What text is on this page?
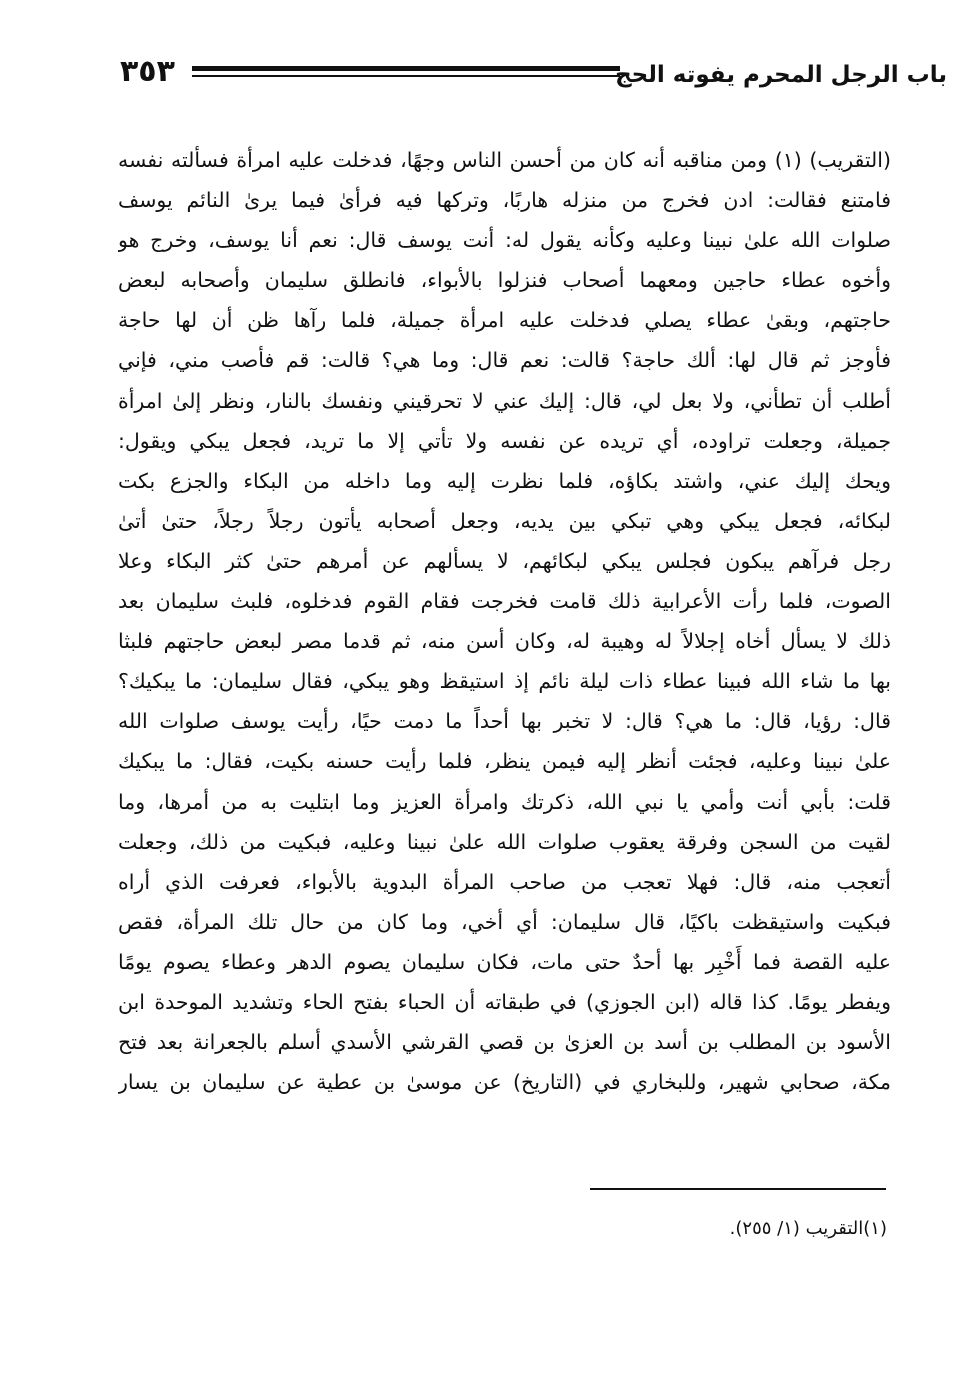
٣٥٣	باب الرجل المحرم يفوته الحج
(التقريب) (١) ومن مناقبه أنه كان من أحسن الناس وجهًا، فدخلت عليه امرأة فسألته نفسه
فامتنع فقالت: ادن فخرج من منزله هاربًا، وتركها فيه فرأىٰ فيما يرىٰ النائم يوسف
صلوات الله علىٰ نبينا وعليه وكأنه يقول له: أنت يوسف قال: نعم أنا يوسف، وخرج هو
وأخوه عطاء حاجين ومعهما أصحاب فنزلوا بالأبواء، فانطلق سليمان وأصحابه لبعض
حاجتهم، وبقىٰ عطاء يصلي فدخلت عليه امرأة جميلة، فلما رآها ظن أن لها حاجة
فأوجز ثم قال لها: ألك حاجة؟ قالت: نعم قال: وما هي؟ قالت: قم فأصب مني، فإني
أطلب أن تطأني، ولا بعل لي، قال: إليك عني لا تحرقيني ونفسك بالنار، ونظر إلىٰ امرأة
جميلة، وجعلت تراوده، أي تريده عن نفسه ولا تأتي إلا ما تريد، فجعل يبكي ويقول:
ويحك إليك عني، واشتد بكاؤه، فلما نظرت إليه وما داخله من البكاء والجزع بكت
لبكائه، فجعل يبكي وهي تبكي بين يديه، وجعل أصحابه يأتون رجلاً رجلاً، حتىٰ أتىٰ
رجل فرآهم يبكون فجلس يبكي لبكائهم، لا يسألهم عن أمرهم حتىٰ كثر البكاء وعلا
الصوت، فلما رأت الأعرابية ذلك قامت فخرجت فقام القوم فدخلوه، فلبث سليمان بعد
ذلك لا يسأل أخاه إجلالاً له وهيبة له، وكان أسن منه، ثم قدما مصر لبعض حاجتهم فلبثا
بها ما شاء الله فبينا عطاء ذات ليلة نائم إذ استيقظ وهو يبكي، فقال سليمان: ما يبكيك؟
قال: رؤيا، قال: ما هي؟ قال: لا تخبر بها أحداً ما دمت حيًا، رأيت يوسف صلوات الله
علىٰ نبينا وعليه، فجئت أنظر إليه فيمن ينظر، فلما رأيت حسنه بكيت، فقال: ما يبكيك
قلت: بأبي أنت وأمي يا نبي الله، ذكرتك وامرأة العزيز وما ابتليت به من أمرها، وما
لقيت من السجن وفرقة يعقوب صلوات الله علىٰ نبينا وعليه، فبكيت من ذلك، وجعلت
أتعجب منه، قال: فهلا تعجب من صاحب المرأة البدوية بالأبواء، فعرفت الذي أراه
فبكيت واستيقظت باكيًا، قال سليمان: أي أخي، وما كان من حال تلك المرأة، فقص
عليه القصة فما أَخْبِر بها أحدٌ حتى مات، فكان سليمان يصوم الدهر وعطاء يصوم يومًا
ويفطر يومًا. كذا قاله (ابن الجوزي) في طبقاته أن الحباء بفتح الحاء وتشديد الموحدة ابن
الأسود بن المطلب بن أسد بن العزىٰ بن قصي القرشي الأسدي أسلم بالجعرانة بعد فتح
مكة، صحابي شهير، وللبخاري في (التاريخ) عن موسىٰ بن عطية عن سليمان بن يسار
(١)التقريب (١/ ٢٥٥).
